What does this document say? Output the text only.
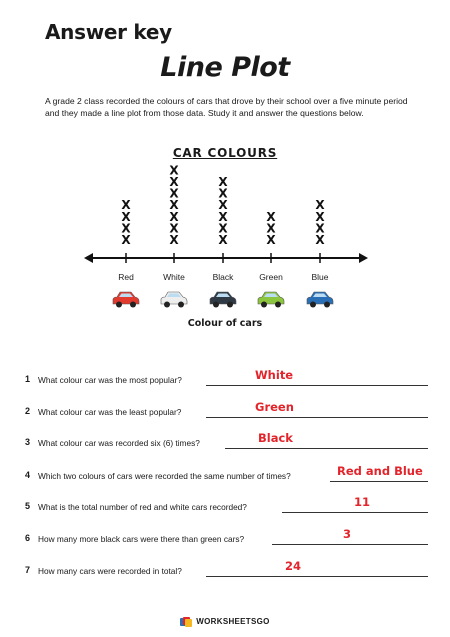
Answer key
Line Plot
A grade 2 class recorded the colours of cars that drove by their school over a five minute period and they made a line plot from those data. Study it and answer the questions below.
CAR COLOURS
Red
X
X
X
X
White
X
X
X
X
X
X
X
Black
X
X
X
X
X
X
Green
X
X
X
Blue
X
X
X
X
Colour of cars
1 What colour car was the most popular?	White
2 What colour car was the least popular?	Green
3 What colour car was recorded six (6) times?	Black
4 Which two colours of cars were recorded the same number of times?	Red and Blue
5 What is the total number of red and white cars recorded?	11
6 How many more black cars were there than green cars?	3
7 How many cars were recorded in total?	24
WORKSHEETSGO
